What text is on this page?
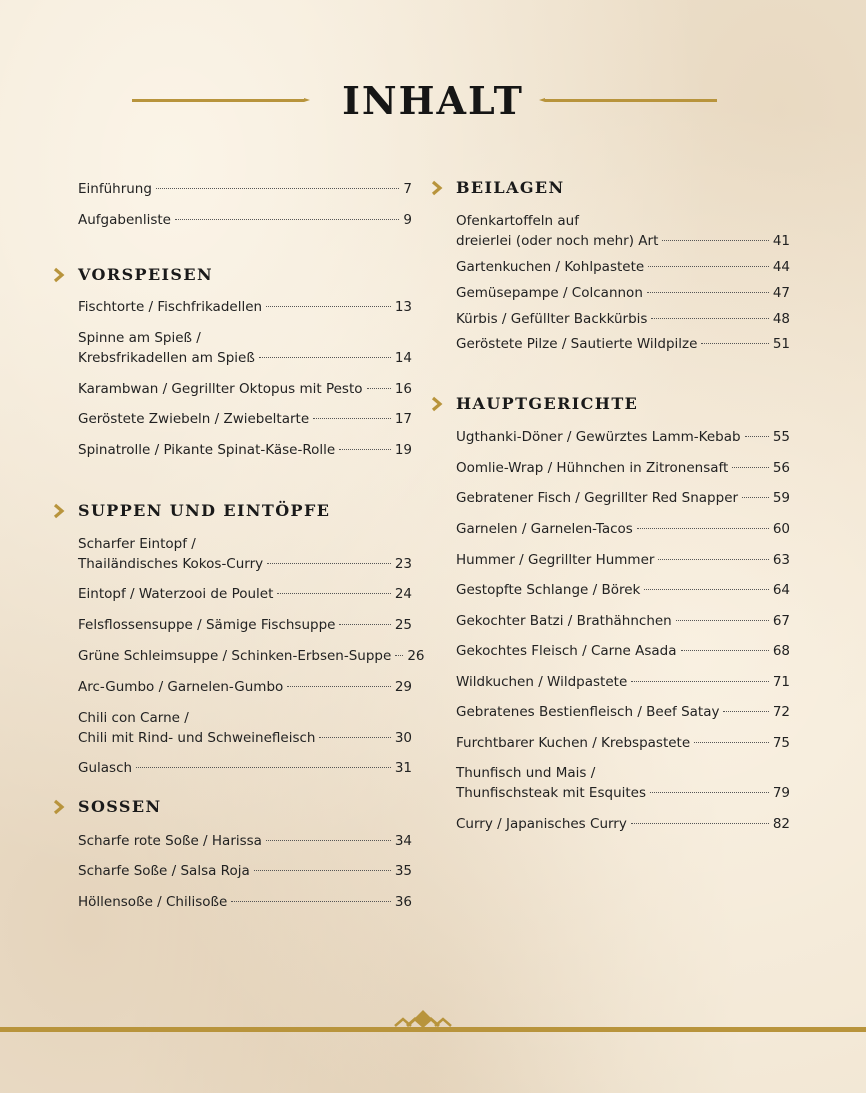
INHALT
Einführung	7
Aufgabenliste	9
VORSPEISEN
Fischtorte / Fischfrikadellen	13
Spinne am Spieß /
Krebsfrikadellen am Spieß	14
Karambwan / Gegrillter Oktopus mit Pesto 16
Geröstete Zwiebeln / Zwiebeltarte	17
Spinatrolle / Pikante Spinat-Käse-Rolle	19
SUPPEN UND EINTÖPFE
Scharfer Eintopf /
Thailändisches Kokos-Curry	23
Eintopf / Waterzooi de Poulet	24
Felsflossensuppe / Sämige Fischsuppe	25
Grüne Schleimsuppe / Schinken-Erbsen-Suppe 26
Arc-Gumbo / Garnelen-Gumbo	29
Chili con Carne /
Chili mit Rind- und Schweinefleisch	30
Gulasch	31
SOSSEN
Scharfe rote Soße / Harissa	34
Scharfe Soße / Salsa Roja	35
Höllensoße / Chilisoße	36
BEILAGEN
Ofenkartoffeln auf
dreierlei (oder noch mehr) Art	41
Gartenkuchen / Kohlpastete	44
Gemüsepampe / Colcannon	47
Kürbis / Gefüllter Backkürbis	48
Geröstete Pilze / Sautierte Wildpilze	51
HAUPTGERICHTE
Ugthanki-Döner / Gewürztes Lamm-Kebab 55
Oomlie-Wrap / Hühnchen in Zitronensaft	56
Gebratener Fisch / Gegrillter Red Snapper	59
Garnelen / Garnelen-Tacos	60
Hummer / Gegrillter Hummer	63
Gestopfte Schlange / Börek	64
Gekochter Batzi / Brathähnchen	67
Gekochtes Fleisch / Carne Asada	68
Wildkuchen / Wildpastete	71
Gebratenes Bestienfleisch / Beef Satay	72
Furchtbarer Kuchen / Krebspastete	75
Thunfisch und Mais /
Thunfischsteak mit Esquites	79
Curry / Japanisches Curry	82
